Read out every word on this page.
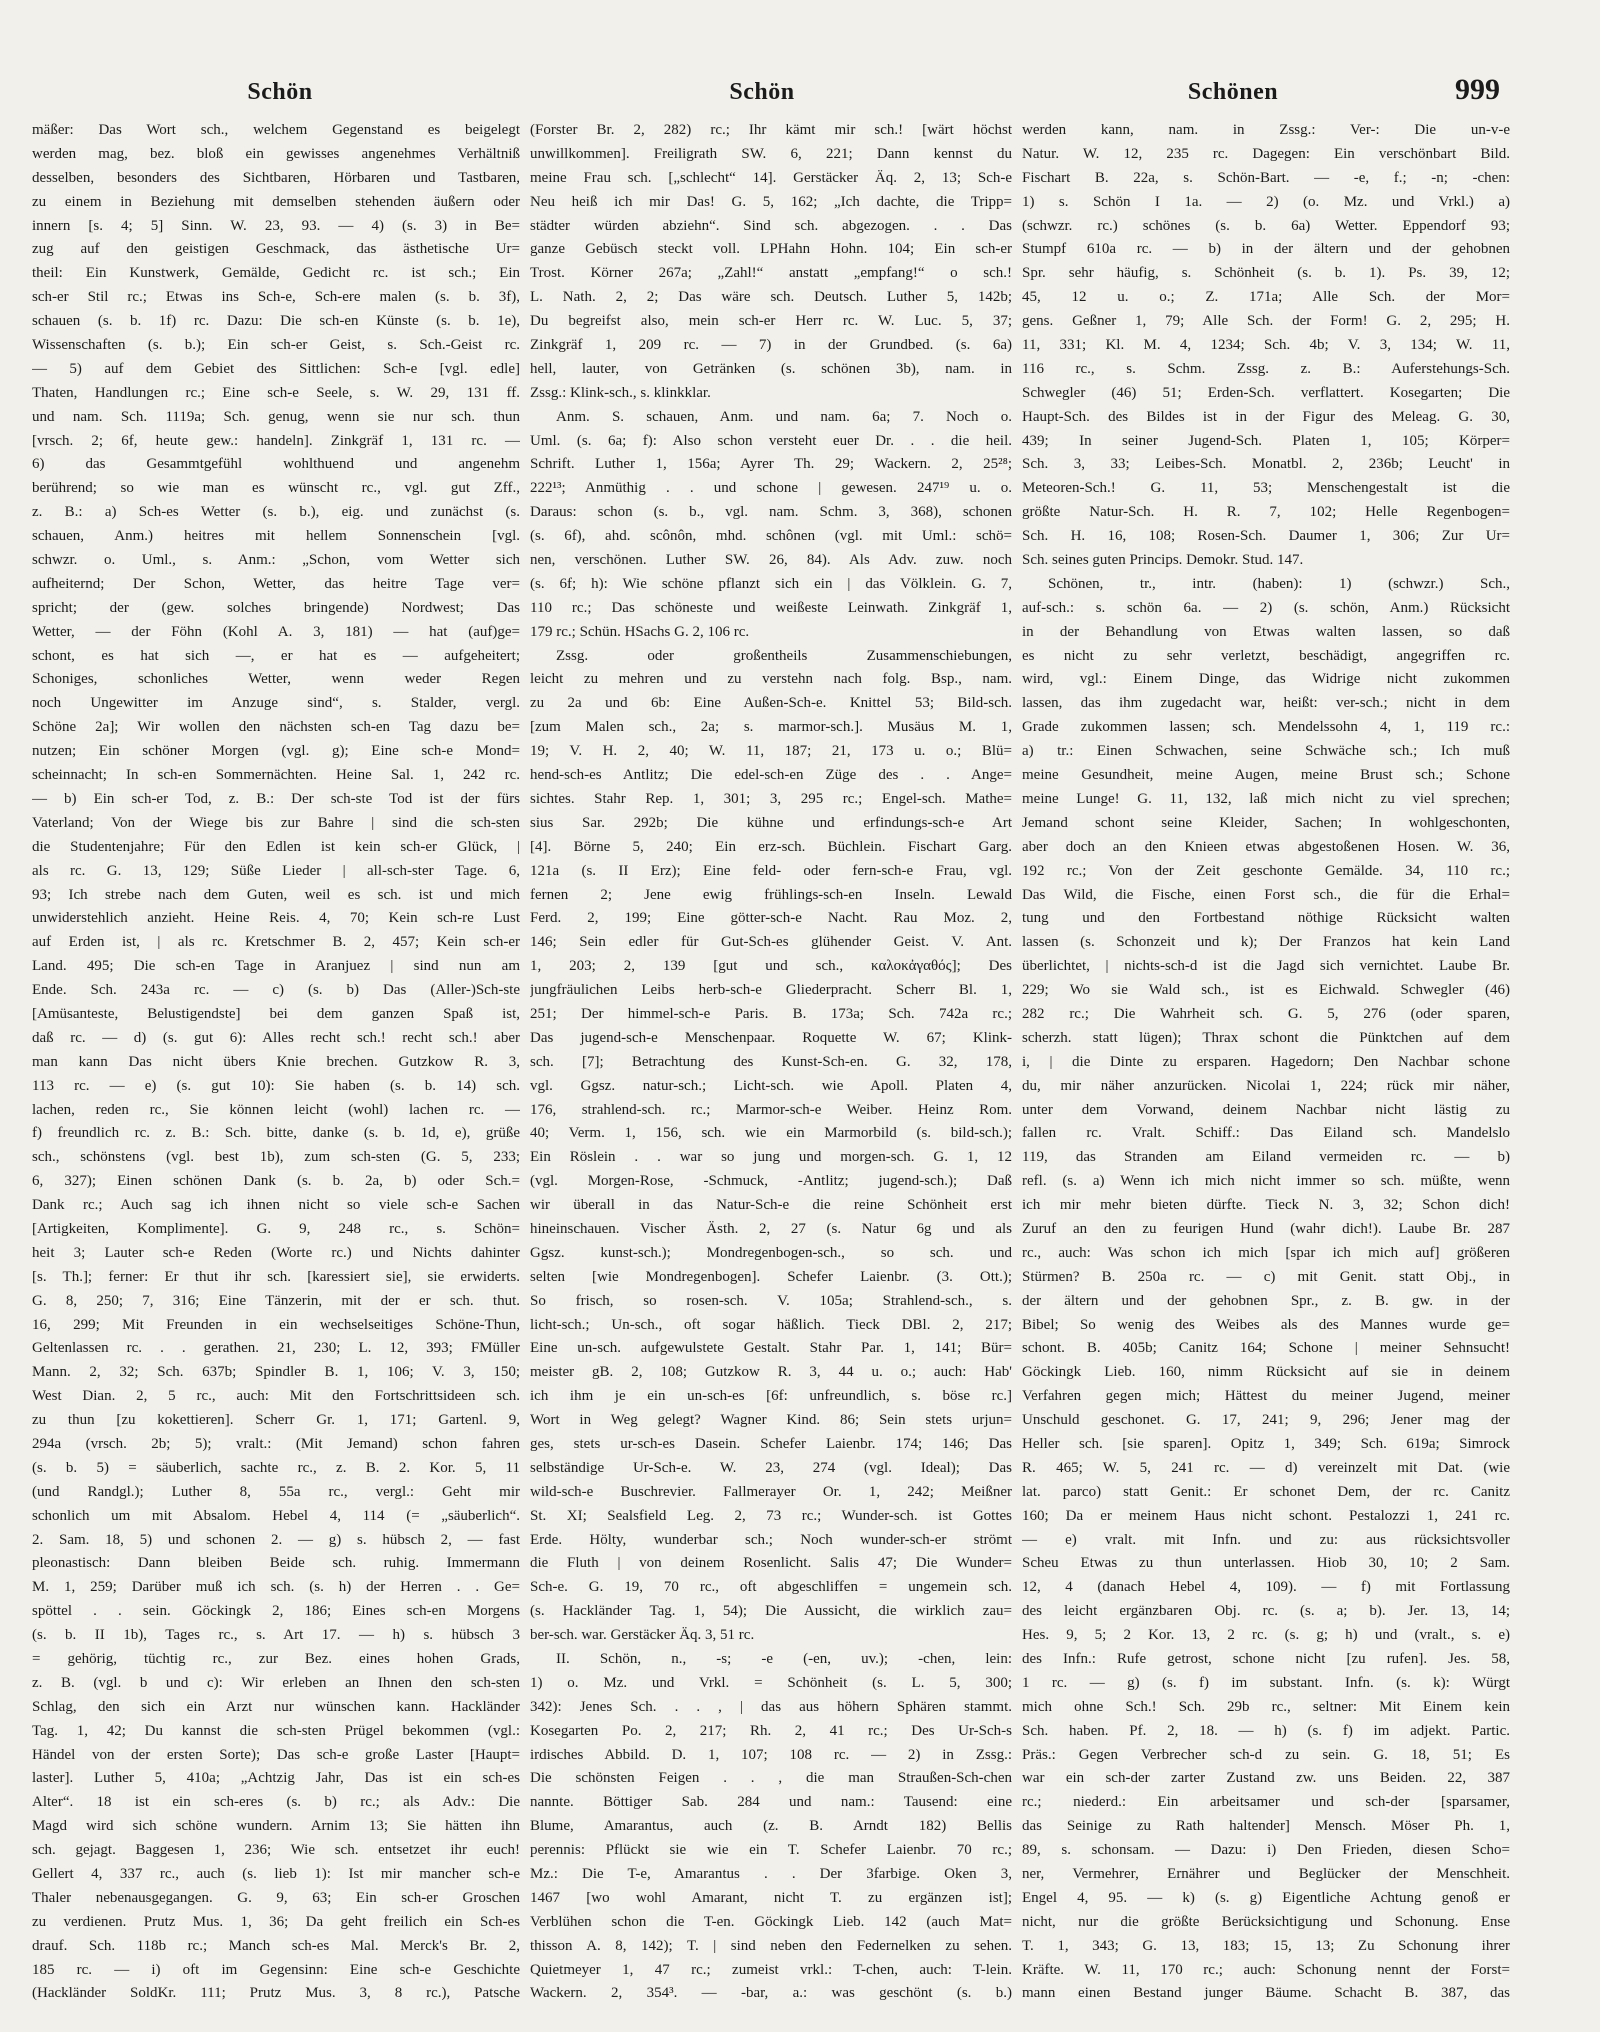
Schön	Schön	Schönen	999
mäßer: Das Wort sch., welchem Gegenstand es beigelegt
werden mag, bez. bloß ein gewisses angenehmes Verhältniß
desselben, besonders des Sichtbaren, Hörbaren und Tastbaren,
zu einem in Beziehung mit demselben stehenden äußern oder
innern [s. 4; 5] Sinn. W. 23, 93. — 4) (s. 3) in Be=
zug auf den geistigen Geschmack, das ästhetische Ur=
theil: Ein Kunstwerk, Gemälde, Gedicht rc. ist sch.; Ein
sch-er Stil rc.; Etwas ins Sch-e, Sch-ere malen (s. b. 3f),
schauen (s. b. 1f) rc. Dazu: Die sch-en Künste (s. b. 1e),
Wissenschaften (s. b.); Ein sch-er Geist, s. Sch.-Geist rc.
— 5) auf dem Gebiet des Sittlichen: Sch-e [vgl. edle]
Thaten, Handlungen rc.; Eine sch-e Seele, s. W. 29, 131 ff.
und nam. Sch. 1119a; Sch. genug, wenn sie nur sch. thun
[vrsch. 2; 6f, heute gew.: handeln]. Zinkgräf 1, 131 rc. —
6) das Gesammtgefühl wohlthuend und angenehm
berührend; so wie man es wünscht rc., vgl. gut Zff.,
z. B.: a) Sch-es Wetter (s. b.), eig. und zunächst (s.
schauen, Anm.) heitres mit hellem Sonnenschein [vgl.
schwzr. o. Uml., s. Anm.: „Schon, vom Wetter sich
aufheiternd; Der Schon, Wetter, das heitre Tage ver=
spricht; der (gew. solches bringende) Nordwest; Das
Wetter, — der Föhn (Kohl A. 3, 181) — hat (auf)ge=
schont, es hat sich —, er hat es — aufgeheitert;
Schoniges, schonliches Wetter, wenn weder Regen
noch Ungewitter im Anzuge sind“, s. Stalder, vergl.
Schöne 2a]; Wir wollen den nächsten sch-en Tag dazu be=
nutzen; Ein schöner Morgen (vgl. g); Eine sch-e Mond=
scheinnacht; In sch-en Sommernächten. Heine Sal. 1, 242 rc.
— b) Ein sch-er Tod, z. B.: Der sch-ste Tod ist der fürs
Vaterland; Von der Wiege bis zur Bahre | sind die sch-sten
die Studentenjahre; Für den Edlen ist kein sch-er Glück, |
als rc. G. 13, 129; Süße Lieder | all-sch-ster Tage. 6,
93; Ich strebe nach dem Guten, weil es sch. ist und mich
unwiderstehlich anzieht. Heine Reis. 4, 70; Kein sch-re Lust
auf Erden ist, | als rc. Kretschmer B. 2, 457; Kein sch-er
Land. 495; Die sch-en Tage in Aranjuez | sind nun am
Ende. Sch. 243a rc. — c) (s. b) Das (Aller-)Sch-ste
[Amüsanteste, Belustigendste] bei dem ganzen Spaß ist,
daß rc. — d) (s. gut 6): Alles recht sch.! recht sch.! aber
man kann Das nicht übers Knie brechen. Gutzkow R. 3,
113 rc. — e) (s. gut 10): Sie haben (s. b. 14) sch.
lachen, reden rc., Sie können leicht (wohl) lachen rc. —
f) freundlich rc. z. B.: Sch. bitte, danke (s. b. 1d, e), grüße
sch., schönstens (vgl. best 1b), zum sch-sten (G. 5, 233;
6, 327); Einen schönen Dank (s. b. 2a, b) oder Sch.=
Dank rc.; Auch sag ich ihnen nicht so viele sch-e Sachen
[Artigkeiten, Komplimente]. G. 9, 248 rc., s. Schön=
heit 3; Lauter sch-e Reden (Worte rc.) und Nichts dahinter
[s. Th.]; ferner: Er thut ihr sch. [karessiert sie], sie erwiderts.
G. 8, 250; 7, 316; Eine Tänzerin, mit der er sch. thut.
16, 299; Mit Freunden in ein wechselseitiges Schöne-Thun,
Geltenlassen rc. . . gerathen. 21, 230; L. 12, 393; FMüller
Mann. 2, 32; Sch. 637b; Spindler B. 1, 106; V. 3, 150;
West Dian. 2, 5 rc., auch: Mit den Fortschrittsideen sch.
zu thun [zu kokettieren]. Scherr Gr. 1, 171; Gartenl. 9,
294a (vrsch. 2b; 5); vralt.: (Mit Jemand) schon fahren
(s. b. 5) = säuberlich, sachte rc., z. B. 2. Kor. 5, 11
(und Randgl.); Luther 8, 55a rc., vergl.: Geht mir
schonlich um mit Absalom. Hebel 4, 114 (= „säuberlich“.
2. Sam. 18, 5) und schonen 2. — g) s. hübsch 2, — fast
pleonastisch: Dann bleiben Beide sch. ruhig. Immermann
M. 1, 259; Darüber muß ich sch. (s. h) der Herren . . Ge=
spöttel . . sein. Göckingk 2, 186; Eines sch-en Morgens
(s. b. II 1b), Tages rc., s. Art 17. — h) s. hübsch 3
= gehörig, tüchtig rc., zur Bez. eines hohen Grads,
z. B. (vgl. b und c): Wir erleben an Ihnen den sch-sten
Schlag, den sich ein Arzt nur wünschen kann. Hackländer
Tag. 1, 42; Du kannst die sch-sten Prügel bekommen (vgl.:
Händel von der ersten Sorte); Das sch-e große Laster [Haupt=
laster]. Luther 5, 410a; „Achtzig Jahr, Das ist ein sch-es
Alter“. 18 ist ein sch-eres (s. b) rc.; als Adv.: Die
Magd wird sich schöne wundern. Arnim 13; Sie hätten ihn
sch. gejagt. Baggesen 1, 236; Wie sch. entsetzet ihr euch!
Gellert 4, 337 rc., auch (s. lieb 1): Ist mir mancher sch-e
Thaler nebenausgegangen. G. 9, 63; Ein sch-er Groschen
zu verdienen. Prutz Mus. 1, 36; Da geht freilich ein Sch-es
drauf. Sch. 118b rc.; Manch sch-es Mal. Merck's Br. 2,
185 rc. — i) oft im Gegensinn: Eine sch-e Geschichte
(Hackländer SoldKr. 111; Prutz Mus. 3, 8 rc.), Patsche
(Forster Br. 2, 282) rc.; Ihr kämt mir sch.! [wärt höchst
unwillkommen]. Freiligrath SW. 6, 221; Dann kennst du
meine Frau sch. [„schlecht“ 14]. Gerstäcker Äq. 2, 13; Sch-e
Neu heiß ich mir Das! G. 5, 162; „Ich dachte, die Tripp=
städter würden abziehn“. Sind sch. abgezogen. . . Das
ganze Gebüsch steckt voll. LPHahn Hohn. 104; Ein sch-er
Trost. Körner 267a; „Zahl!“ anstatt „empfang!“ o sch.!
L. Nath. 2, 2; Das wäre sch. Deutsch. Luther 5, 142b;
Du begreifst also, mein sch-er Herr rc. W. Luc. 5, 37;
Zinkgräf 1, 209 rc. — 7) in der Grundbed. (s. 6a)
hell, lauter, von Getränken (s. schönen 3b), nam. in
Zssg.: Klink-sch., s. klinkklar.
Anm. S. schauen, Anm. und nam. 6a; 7. Noch o.
Uml. (s. 6a; f): Also schon versteht euer Dr. . . die heil.
Schrift. Luther 1, 156a; Ayrer Th. 29; Wackern. 2, 25²⁸;
222¹³; Anmüthig . . und schone | gewesen. 247¹⁹ u. o.
Daraus: schon (s. b., vgl. nam. Schm. 3, 368), schonen
(s. 6f), ahd. scônôn, mhd. schônen (vgl. mit Uml.: schö=
nen, verschönen. Luther SW. 26, 84). Als Adv. zuw. noch
(s. 6f; h): Wie schöne pflanzt sich ein | das Völklein. G. 7,
110 rc.; Das schöneste und weißeste Leinwath. Zinkgräf 1,
179 rc.; Schün. HSachs G. 2, 106 rc.
Zssg. oder großentheils Zusammenschiebungen,
leicht zu mehren und zu verstehn nach folg. Bsp., nam.
zu 2a und 6b: Eine Außen-Sch-e. Knittel 53; Bild-sch.
[zum Malen sch., 2a; s. marmor-sch.]. Musäus M. 1,
19; V. H. 2, 40; W. 11, 187; 21, 173 u. o.; Blü=
hend-sch-es Antlitz; Die edel-sch-en Züge des . . Ange=
sichtes. Stahr Rep. 1, 301; 3, 295 rc.; Engel-sch. Mathe=
sius Sar. 292b; Die kühne und erfindungs-sch-e Art
[4]. Börne 5, 240; Ein erz-sch. Büchlein. Fischart Garg.
121a (s. II Erz); Eine feld- oder fern-sch-e Frau, vgl.
fernen 2; Jene ewig frühlings-sch-en Inseln. Lewald
Ferd. 2, 199; Eine götter-sch-e Nacht. Rau Moz. 2,
146; Sein edler für Gut-Sch-es glühender Geist. V. Ant.
1, 203; 2, 139 [gut und sch., καλοκἀγαθός]; Des
jungfräulichen Leibs herb-sch-e Gliederpracht. Scherr Bl. 1,
251; Der himmel-sch-e Paris. B. 173a; Sch. 742a rc.;
Das jugend-sch-e Menschenpaar. Roquette W. 67; Klink-
sch. [7]; Betrachtung des Kunst-Sch-en. G. 32, 178,
vgl. Ggsz. natur-sch.; Licht-sch. wie Apoll. Platen 4,
176, strahlend-sch. rc.; Marmor-sch-e Weiber. Heinz Rom.
40; Verm. 1, 156, sch. wie ein Marmorbild (s. bild-sch.);
Ein Röslein . . war so jung und morgen-sch. G. 1, 12
(vgl. Morgen-Rose, -Schmuck, -Antlitz; jugend-sch.); Daß
wir überall in das Natur-Sch-e die reine Schönheit erst
hineinschauen. Vischer Ästh. 2, 27 (s. Natur 6g und als
Ggsz. kunst-sch.); Mondregenbogen-sch., so sch. und
selten [wie Mondregenbogen]. Schefer Laienbr. (3. Ott.);
So frisch, so rosen-sch. V. 105a; Strahlend-sch., s.
licht-sch.; Un-sch., oft sogar häßlich. Tieck DBl. 2, 217;
Eine un-sch. aufgewulstete Gestalt. Stahr Par. 1, 141; Bür=
meister gB. 2, 108; Gutzkow R. 3, 44 u. o.; auch: Hab'
ich ihm je ein un-sch-es [6f: unfreundlich, s. böse rc.]
Wort in Weg gelegt? Wagner Kind. 86; Sein stets urjun=
ges, stets ur-sch-es Dasein. Schefer Laienbr. 174; 146; Das
selbständige Ur-Sch-e. W. 23, 274 (vgl. Ideal); Das
wild-sch-e Buschrevier. Fallmerayer Or. 1, 242; Meißner
St. XI; Sealsfield Leg. 2, 73 rc.; Wunder-sch. ist Gottes
Erde. Hölty, wunderbar sch.; Noch wunder-sch-er strömt
die Fluth | von deinem Rosenlicht. Salis 47; Die Wunder=
Sch-e. G. 19, 70 rc., oft abgeschliffen = ungemein sch.
(s. Hackländer Tag. 1, 54); Die Aussicht, die wirklich zau=
ber-sch. war. Gerstäcker Äq. 3, 51 rc.
II. Schön, n., -s; -e (-en, uv.); -chen, lein:
1) o. Mz. und Vrkl. = Schönheit (s. L. 5, 300;
342): Jenes Sch. . . , | das aus höhern Sphären stammt.
Kosegarten Po. 2, 217; Rh. 2, 41 rc.; Des Ur-Sch-s
irdisches Abbild. D. 1, 107; 108 rc. — 2) in Zssg.:
Die schönsten Feigen . . , die man Straußen-Sch-chen
nannte. Böttiger Sab. 284 und nam.: Tausend: eine
Blume, Amarantus, auch (z. B. Arndt 182) Bellis
perennis: Pflückt sie wie ein T. Schefer Laienbr. 70 rc.;
Mz.: Die T-e, Amarantus . . Der 3farbige. Oken 3,
1467 [wo wohl Amarant, nicht T. zu ergänzen ist];
Verblühen schon die T-en. Göckingk Lieb. 142 (auch Mat=
thisson A. 8, 142); T. | sind neben den Federnelken zu sehen.
Quietmeyer 1, 47 rc.; zumeist vrkl.: T-chen, auch: T-lein.
Wackern. 2, 354³. — -bar, a.: was geschönt (s. b.)
werden kann, nam. in Zssg.: Ver-: Die un-v-e
Natur. W. 12, 235 rc. Dagegen: Ein verschönbart Bild.
Fischart B. 22a, s. Schön-Bart. — -e, f.; -n; -chen:
1) s. Schön I 1a. — 2) (o. Mz. und Vrkl.) a)
(schwzr. rc.) schönes (s. b. 6a) Wetter. Eppendorf 93;
Stumpf 610a rc. — b) in der ältern und der gehobnen
Spr. sehr häufig, s. Schönheit (s. b. 1). Ps. 39, 12;
45, 12 u. o.; Z. 171a; Alle Sch. der Mor=
gens. Geßner 1, 79; Alle Sch. der Form! G. 2, 295; H.
11, 331; Kl. M. 4, 1234; Sch. 4b; V. 3, 134; W. 11,
116 rc., s. Schm. Zssg. z. B.: Auferstehungs-Sch.
Schwegler (46) 51; Erden-Sch. verflattert. Kosegarten; Die
Haupt-Sch. des Bildes ist in der Figur des Meleag. G. 30,
439; In seiner Jugend-Sch. Platen 1, 105; Körper=
Sch. 3, 33; Leibes-Sch. Monatbl. 2, 236b; Leucht' in
Meteoren-Sch.! G. 11, 53; Menschengestalt ist die
größte Natur-Sch. H. R. 7, 102; Helle Regenbogen=
Sch. H. 16, 108; Rosen-Sch. Daumer 1, 306; Zur Ur=
Sch. seines guten Princips. Demokr. Stud. 147.
Schönen, tr., intr. (haben): 1) (schwzr.) Sch.,
auf-sch.: s. schön 6a. — 2) (s. schön, Anm.) Rücksicht
in der Behandlung von Etwas walten lassen, so daß
es nicht zu sehr verletzt, beschädigt, angegriffen rc.
wird, vgl.: Einem Dinge, das Widrige nicht zukommen
lassen, das ihm zugedacht war, heißt: ver-sch.; nicht in dem
Grade zukommen lassen; sch. Mendelssohn 4, 1, 119 rc.:
a) tr.: Einen Schwachen, seine Schwäche sch.; Ich muß
meine Gesundheit, meine Augen, meine Brust sch.; Schone
meine Lunge! G. 11, 132, laß mich nicht zu viel sprechen;
Jemand schont seine Kleider, Sachen; In wohlgeschonten,
aber doch an den Knieen etwas abgestoßenen Hosen. W. 36,
192 rc.; Von der Zeit geschonte Gemälde. 34, 110 rc.;
Das Wild, die Fische, einen Forst sch., die für die Erhal=
tung und den Fortbestand nöthige Rücksicht walten
lassen (s. Schonzeit und k); Der Franzos hat kein Land
überlichtet, | nichts-sch-d ist die Jagd sich vernichtet. Laube Br.
229; Wo sie Wald sch., ist es Eichwald. Schwegler (46)
282 rc.; Die Wahrheit sch. G. 5, 276 (oder sparen,
scherzh. statt lügen); Thrax schont die Pünktchen auf dem
i, | die Dinte zu ersparen. Hagedorn; Den Nachbar schone
du, mir näher anzurücken. Nicolai 1, 224; rück mir näher,
unter dem Vorwand, deinem Nachbar nicht lästig zu
fallen rc. Vralt. Schiff.: Das Eiland sch. Mandelslo
119, das Stranden am Eiland vermeiden rc. — b)
refl. (s. a) Wenn ich mich nicht immer so sch. müßte, wenn
ich mir mehr bieten dürfte. Tieck N. 3, 32; Schon dich!
Zuruf an den zu feurigen Hund (wahr dich!). Laube Br. 287
rc., auch: Was schon ich mich [spar ich mich auf] größeren
Stürmen? B. 250a rc. — c) mit Genit. statt Obj., in
der ältern und der gehobnen Spr., z. B. gw. in der
Bibel; So wenig des Weibes als des Mannes wurde ge=
schont. B. 405b; Canitz 164; Schone | meiner Sehnsucht!
Göckingk Lieb. 160, nimm Rücksicht auf sie in deinem
Verfahren gegen mich; Hättest du meiner Jugend, meiner
Unschuld geschonet. G. 17, 241; 9, 296; Jener mag der
Heller sch. [sie sparen]. Opitz 1, 349; Sch. 619a; Simrock
R. 465; W. 5, 241 rc. — d) vereinzelt mit Dat. (wie
lat. parco) statt Genit.: Er schonet Dem, der rc. Canitz
160; Da er meinem Haus nicht schont. Pestalozzi 1, 241 rc.
— e) vralt. mit Infn. und zu: aus rücksichtsvoller
Scheu Etwas zu thun unterlassen. Hiob 30, 10; 2 Sam.
12, 4 (danach Hebel 4, 109). — f) mit Fortlassung
des leicht ergänzbaren Obj. rc. (s. a; b). Jer. 13, 14;
Hes. 9, 5; 2 Kor. 13, 2 rc. (s. g; h) und (vralt., s. e)
des Infn.: Rufe getrost, schone nicht [zu rufen]. Jes. 58,
1 rc. — g) (s. f) im substant. Infn. (s. k): Würgt
mich ohne Sch.! Sch. 29b rc., seltner: Mit Einem kein
Sch. haben. Pf. 2, 18. — h) (s. f) im adjekt. Partic.
Präs.: Gegen Verbrecher sch-d zu sein. G. 18, 51; Es
war ein sch-der zarter Zustand zw. uns Beiden. 22, 387
rc.; niederd.: Ein arbeitsamer und sch-der [sparsamer,
das Seinige zu Rath haltender] Mensch. Möser Ph. 1,
89, s. schonsam. — Dazu: i) Den Frieden, diesen Scho=
ner, Vermehrer, Ernährer und Beglücker der Menschheit.
Engel 4, 95. — k) (s. g) Eigentliche Achtung genoß er
nicht, nur die größte Berücksichtigung und Schonung. Ense
T. 1, 343; G. 13, 183; 15, 13; Zu Schonung ihrer
Kräfte. W. 11, 170 rc.; auch: Schonung nennt der Forst=
mann einen Bestand junger Bäume. Schacht B. 387, das
